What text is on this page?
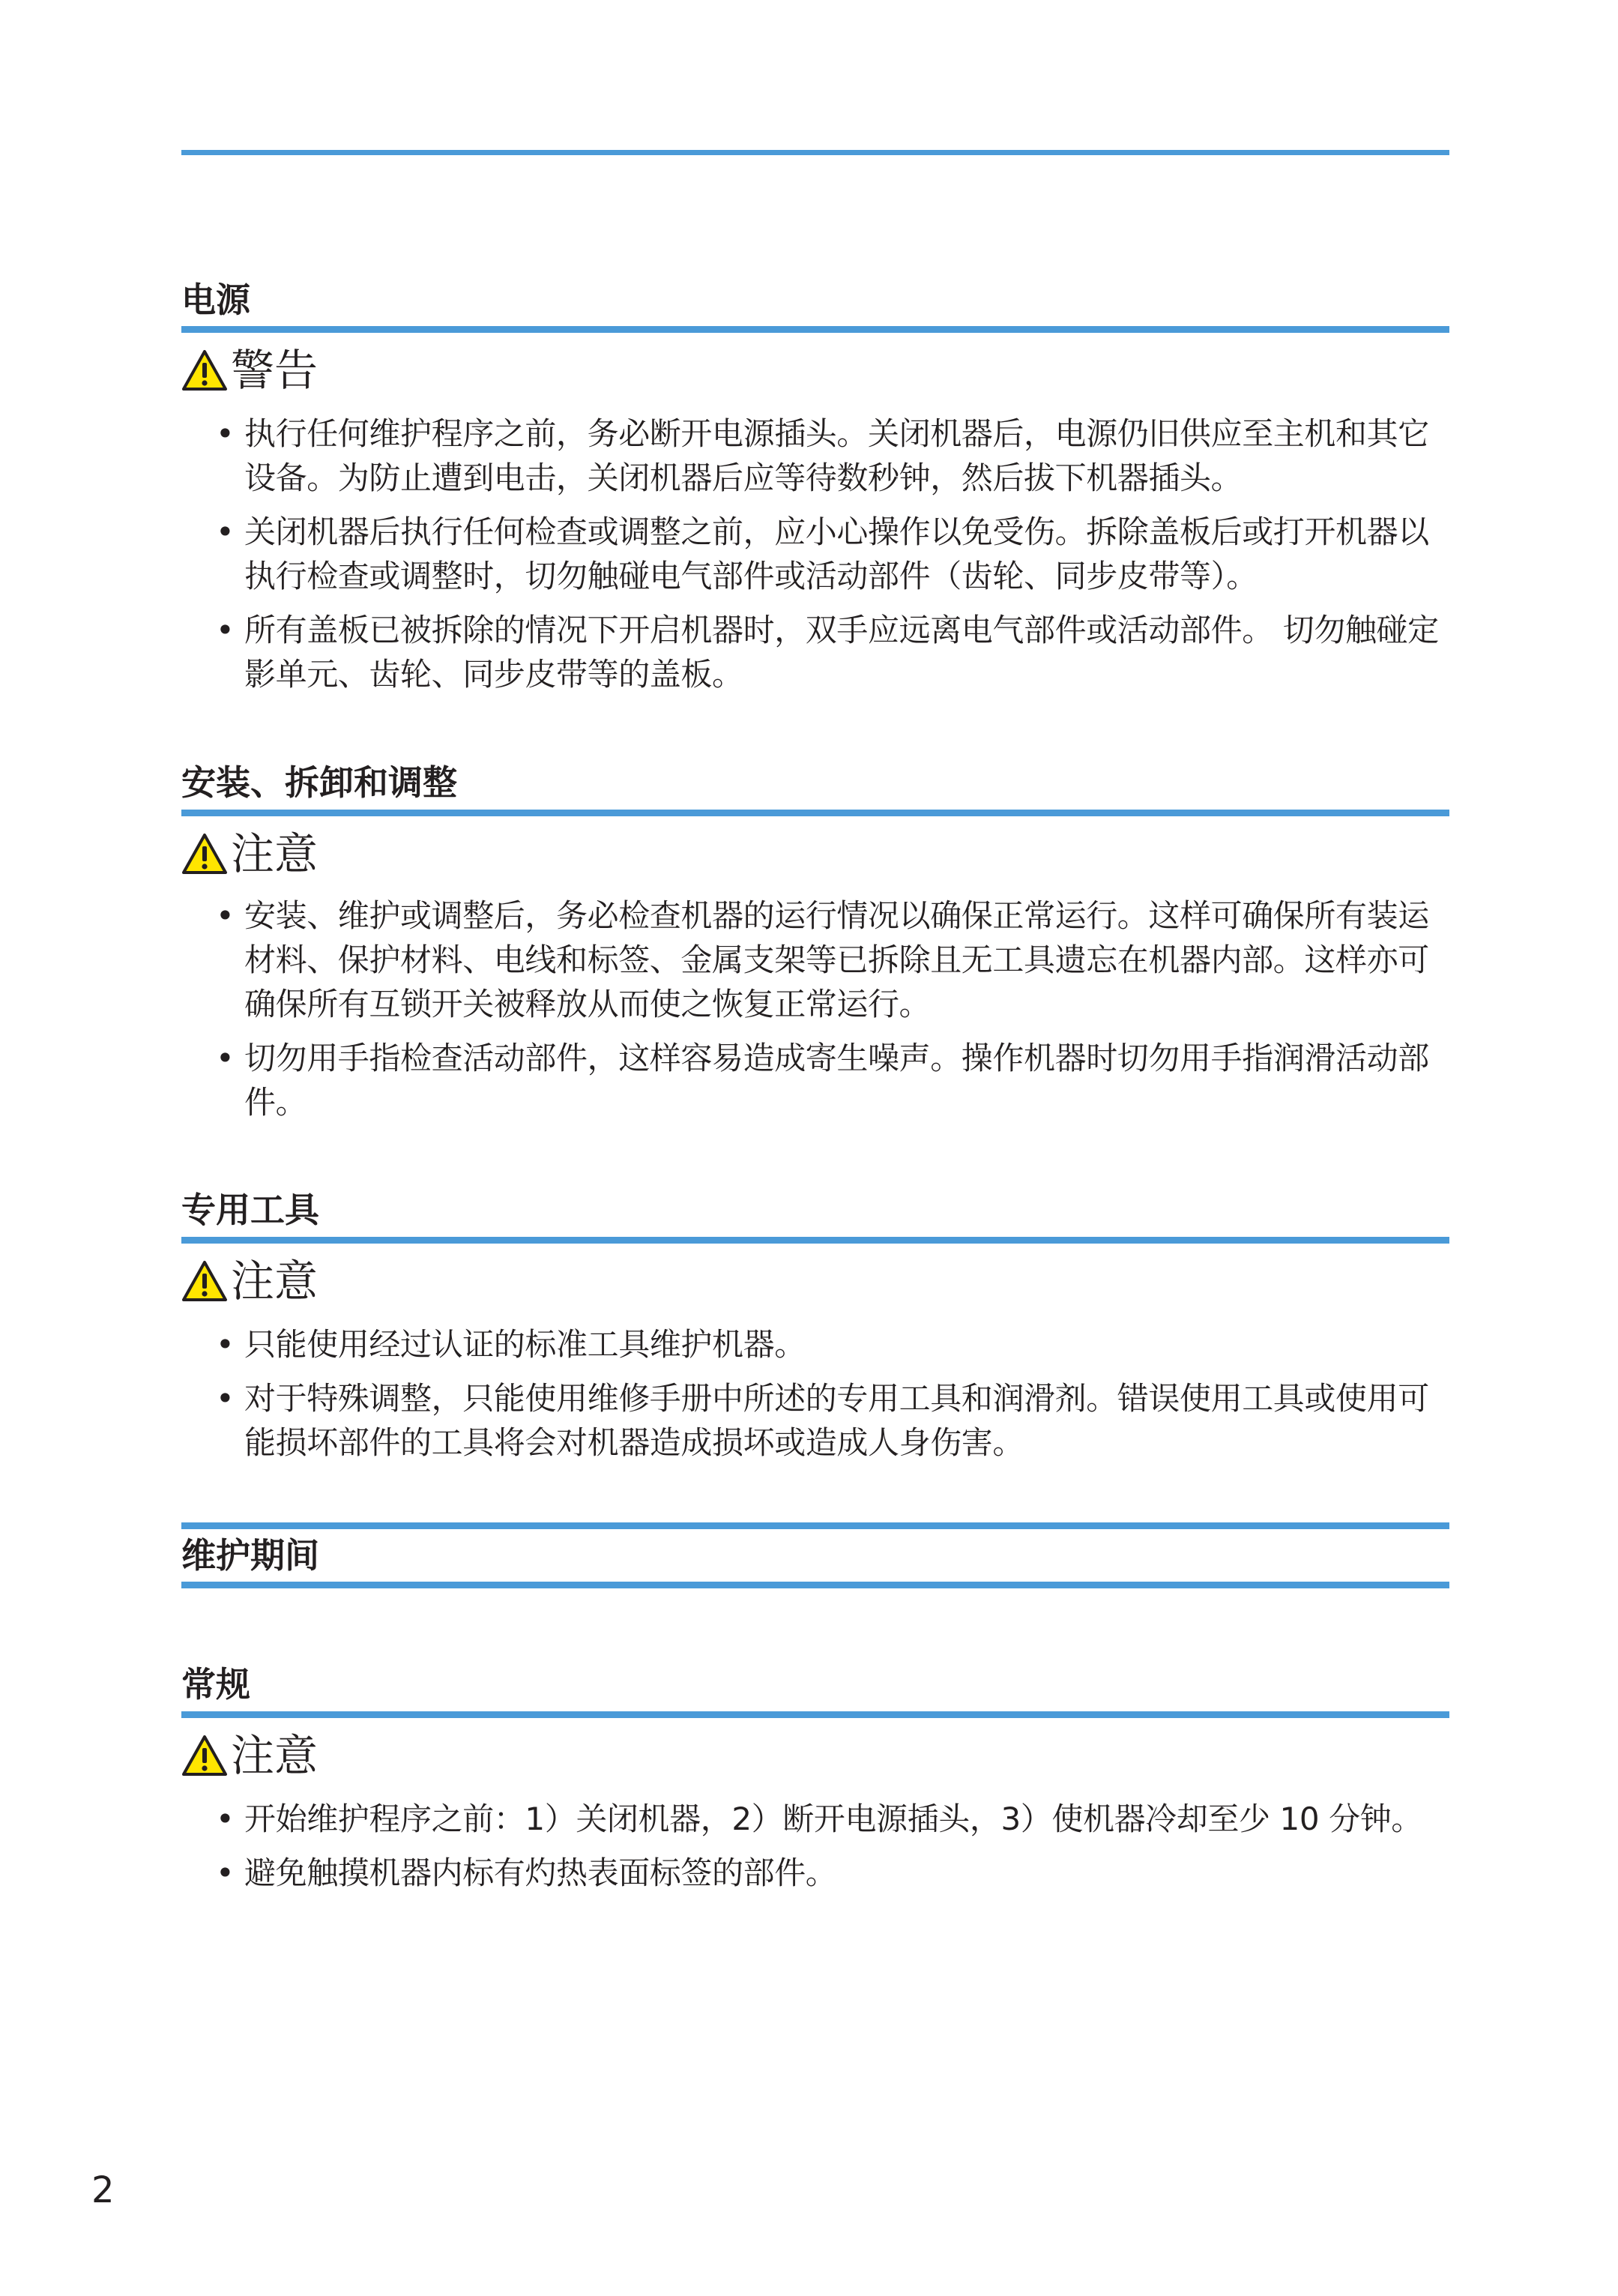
电源
警告
• 执行任何维护程序之前，务必断开电源插头。关闭机器后，电源仍旧供应至主机和其它设备。为防止遭到电击，关闭机器后应等待数秒钟，然后拔下机器插头。
• 关闭机器后执行任何检查或调整之前，应小心操作以免受伤。拆除盖板后或打开机器以执行检查或调整时，切勿触碰电气部件或活动部件（齿轮、同步皮带等）。
• 所有盖板已被拆除的情况下开启机器时，双手应远离电气部件或活动部件。 切勿触碰定影单元、齿轮、同步皮带等的盖板。
安装、拆卸和调整
注意
• 安装、维护或调整后，务必检查机器的运行情况以确保正常运行。这样可确保所有装运材料、保护材料、电线和标签、金属支架等已拆除且无工具遗忘在机器内部。这样亦可确保所有互锁开关被释放从而使之恢复正常运行。
• 切勿用手指检查活动部件，这样容易造成寄生噪声。操作机器时切勿用手指润滑活动部件。
专用工具
注意
• 只能使用经过认证的标准工具维护机器。
• 对于特殊调整，只能使用维修手册中所述的专用工具和润滑剂。错误使用工具或使用可能损坏部件的工具将会对机器造成损坏或造成人身伤害。
维护期间
常规
注意
• 开始维护程序之前：1）关闭机器，2）断开电源插头，3）使机器冷却至少 10 分钟。
• 避免触摸机器内标有灼热表面标签的部件。
2
